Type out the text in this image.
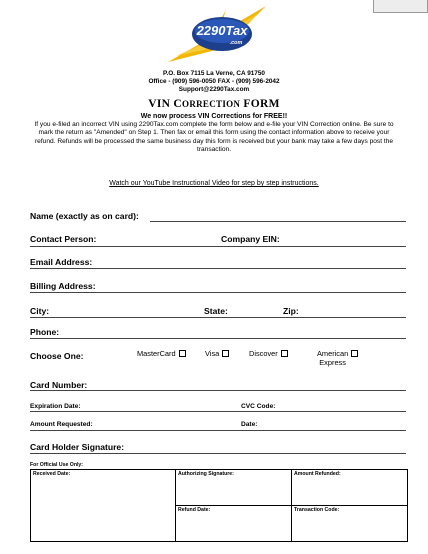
2290Tax
.com
P.O. Box 7115 La Verne, CA 91750
Office - (909) 596-0050 FAX - (909) 596-2042
Support@2290Tax.com
VIN CORRECTION FORM
We now process VIN Corrections for FREE!!
If you e-filed an incorrect VIN using 2290Tax.com complete the form below and e-file your VIN Correction online. Be sure to mark the return as "Amended" on Step 1. Then fax or email this form using the contact information above to receive your refund. Refunds will be processed the same business day this form is received but your bank may take a few days post the transaction.
Watch our YouTube Instructional Video for step by step instructions.
Name (exactly as on card):
Contact Person:	Company EIN:
Email Address:
Billing Address:
City:	State:	Zip:
Phone:
Choose One:	MasterCard	Visa	Discover	American
Express
Card Number:
Expiration Date:	CVC Code:
Amount Requested:	Date:
Card Holder Signature:
For Official Use Only:
Received Date:	Authorizing Signature:	Amount Refunded:
	Refund Date:	Transaction Code:
